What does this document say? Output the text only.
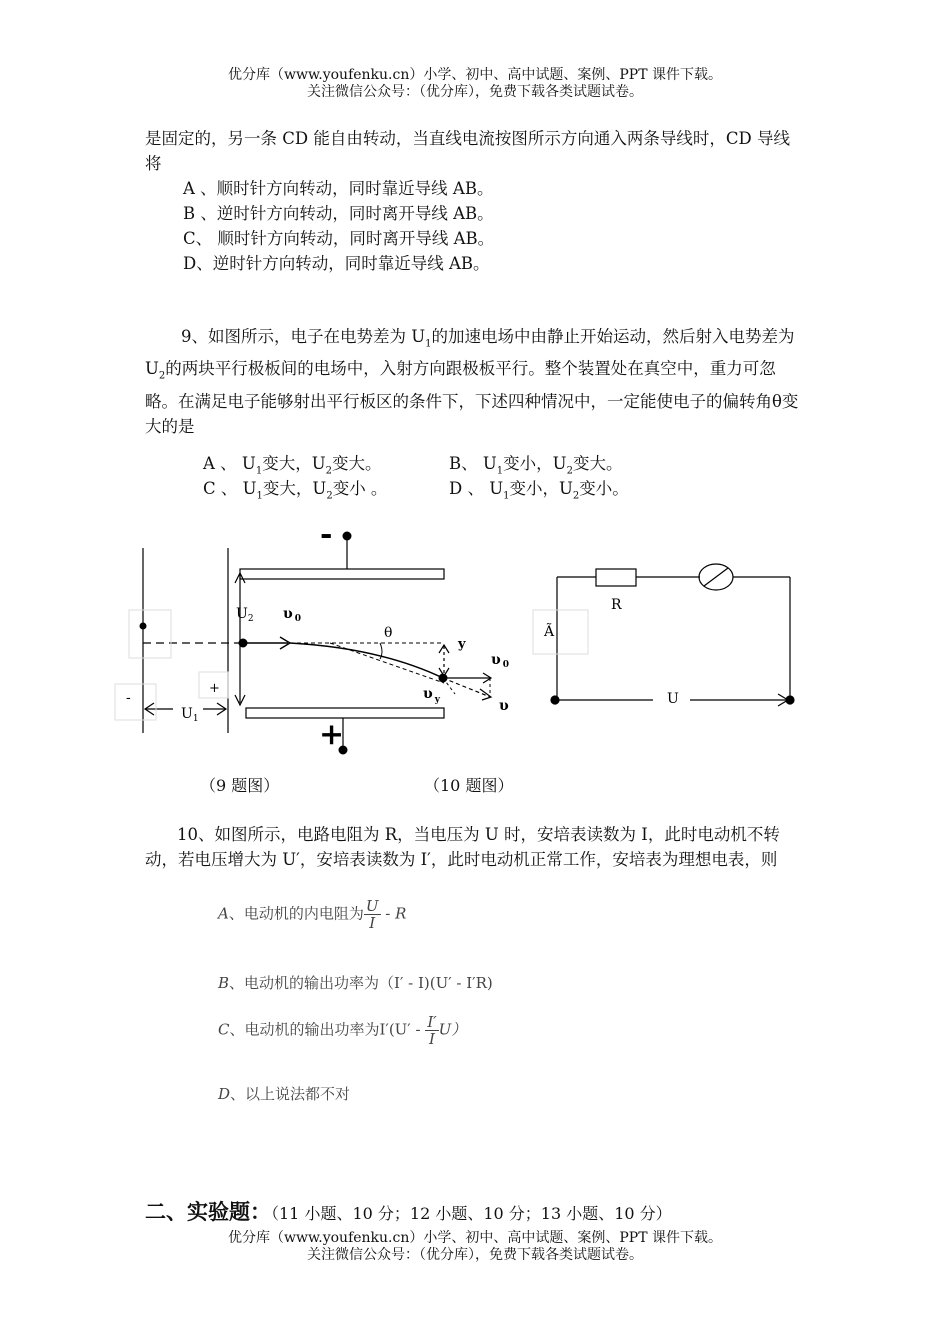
优分库（www.youfenku.cn）小学、初中、高中试题、案例、PPT 课件下载。
关注微信公众号：（优分库），免费下载各类试题试卷。
是固定的，另一条 CD 能自由转动，当直线电流按图所示方向通入两条导线时，CD 导线将
A 、顺时针方向转动，同时靠近导线 AB。
B 、逆时针方向转动，同时离开导线 AB。
C、 顺时针方向转动，同时离开导线 AB。
D、逆时针方向转动，同时靠近导线 AB。
9、如图所示，电子在电势差为 $U_1$的加速电场中由静止开始运动，然后射入电势差为 $U_2$的两块平行极板间的电场中，入射方向跟极板平行。整个装置处在真空中，重力可忽略。在满足电子能够射出平行板区的条件下，下述四种情况中，一定能使电子的偏转角θ变大的是
A 、 $U_1$变大，$U_2$变大。	B、 $U_1$变小，$U_2$变大。
C 、 $U_1$变大，$U_2$变小 。	D 、 $U_1$变小，$U_2$变小。
-
+
$U_2$ υ $_0$
θ
y
υ $_0$
υ $_y$	υ
+
-
$U_1$
R
Ã
U
（9 题图）	（10 题图）
10、如图所示，电路电阻为 R，当电压为 U 时，安培表读数为 I，此时电动机不转动，若电压增大为 U′，安培表读数为 I′，此时电动机正常工作，安培表为理想电表，则
A、电动机的内电阻为 $\frac{U}{I}$ - R
B、电动机的输出功率为（I′ - I)(U′ - I′R)
C、电动机的输出功率为$I'(U' - \frac{I'}{I} U)$
D、以上说法都不对
二、实验题：（11 小题、10 分；12 小题、10 分；13 小题、10 分）
优分库（www.youfenku.cn）小学、初中、高中试题、案例、PPT 课件下载。
关注微信公众号：（优分库），免费下载各类试题试卷。
